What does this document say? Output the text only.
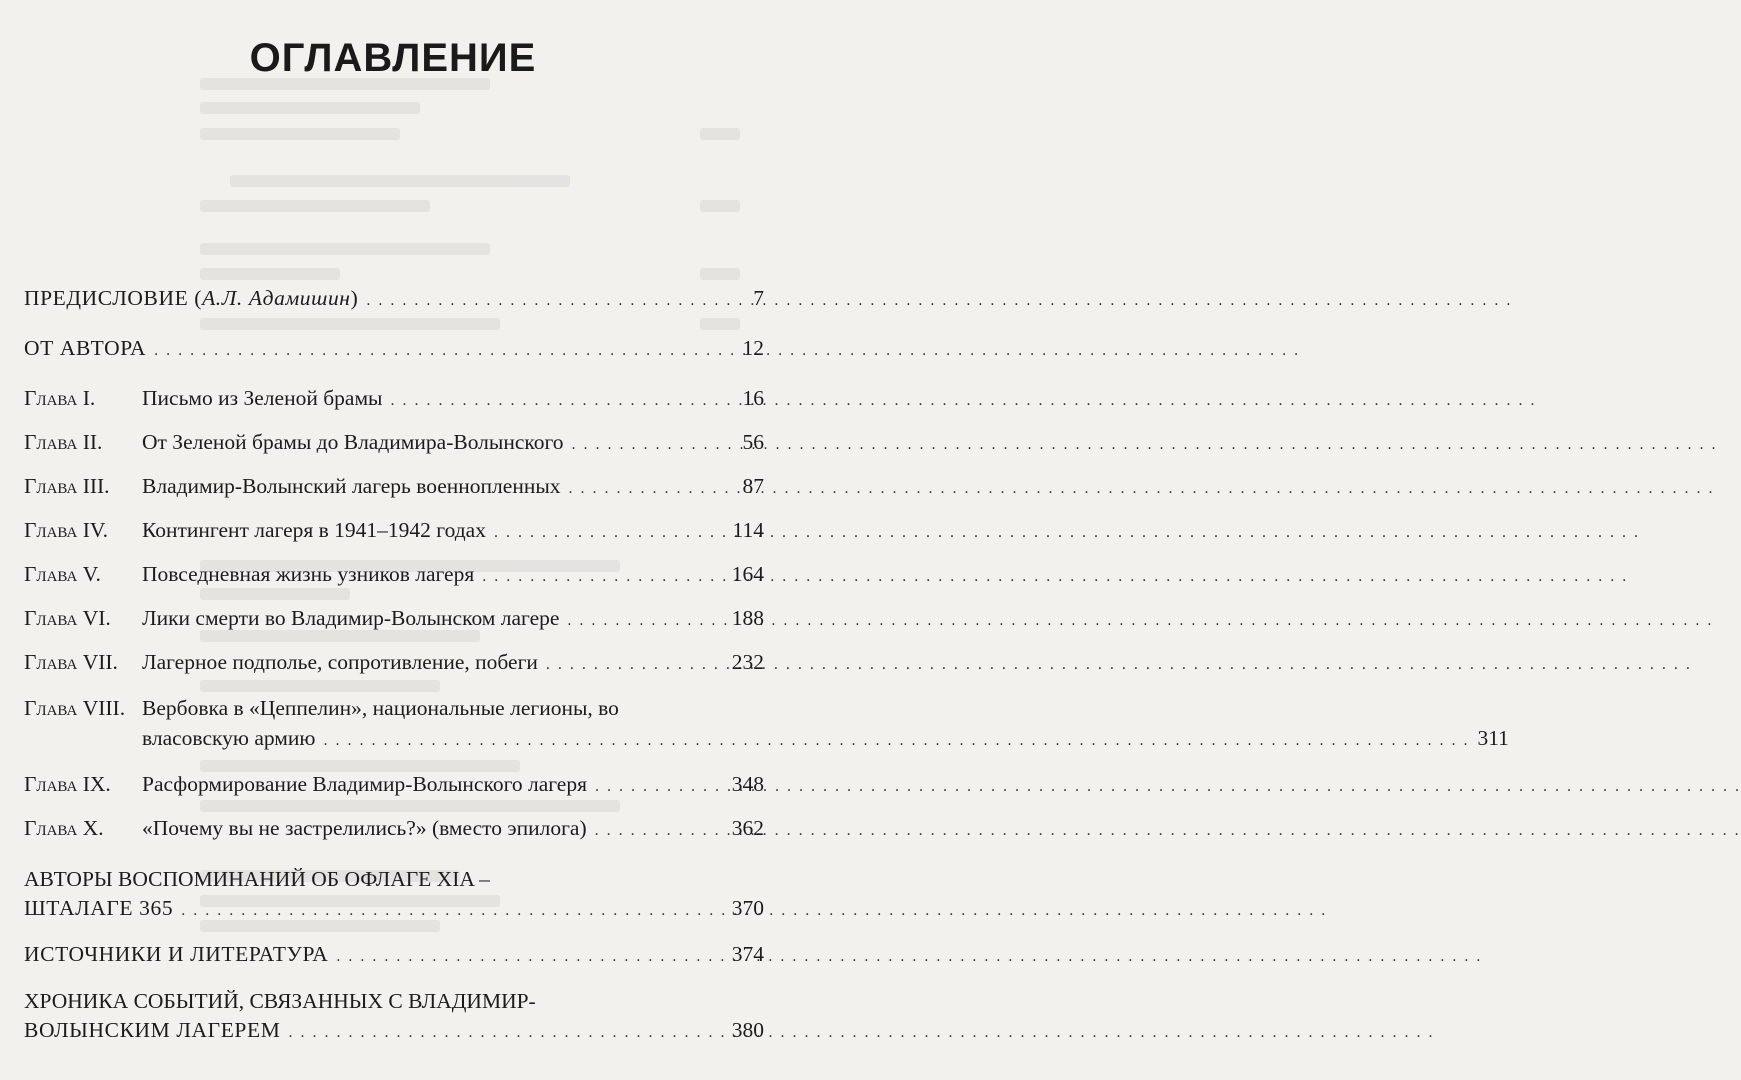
ОГЛАВЛЕНИЕ
ПРЕДИСЛОВИЕ (А.Л. Адамишин) . . .	7
ОТ АВТОРА . . .	12
Глава I.	Письмо из Зеленой брамы . . .	16
Глава II.	От Зеленой брамы до Владимира-Волынского . . .	56
Глава III.	Владимир-Волынский лагерь военнопленных . . .	87
Глава IV.	Контингент лагеря в 1941–1942 годах . . .	114
Глава V.	Повседневная жизнь узников лагеря . . .	164
Глава VI.	Лики смерти во Владимир-Волынском лагере . . .	188
Глава VII.	Лагерное подполье, сопротивление, побеги . . .	232
Глава VIII. Вербовка в «Цеппелин», национальные легионы, во
власовскую армию . . .	311
Глава IX.	Расформирование Владимир-Волынского лагеря . . .	348
Глава X.	«Почему вы не застрелились?» (вместо эпилога) . . .	362
АВТОРЫ ВОСПОМИНАНИЙ ОБ ОФЛАГЕ XIA –
ШТАЛАГЕ 365 . . .	370
ИСТОЧНИКИ И ЛИТЕРАТУРА . . .	374
ХРОНИКА СОБЫТИЙ, СВЯЗАННЫХ С ВЛАДИМИР-
ВОЛЫНСКИМ ЛАГЕРЕМ . . .	380
